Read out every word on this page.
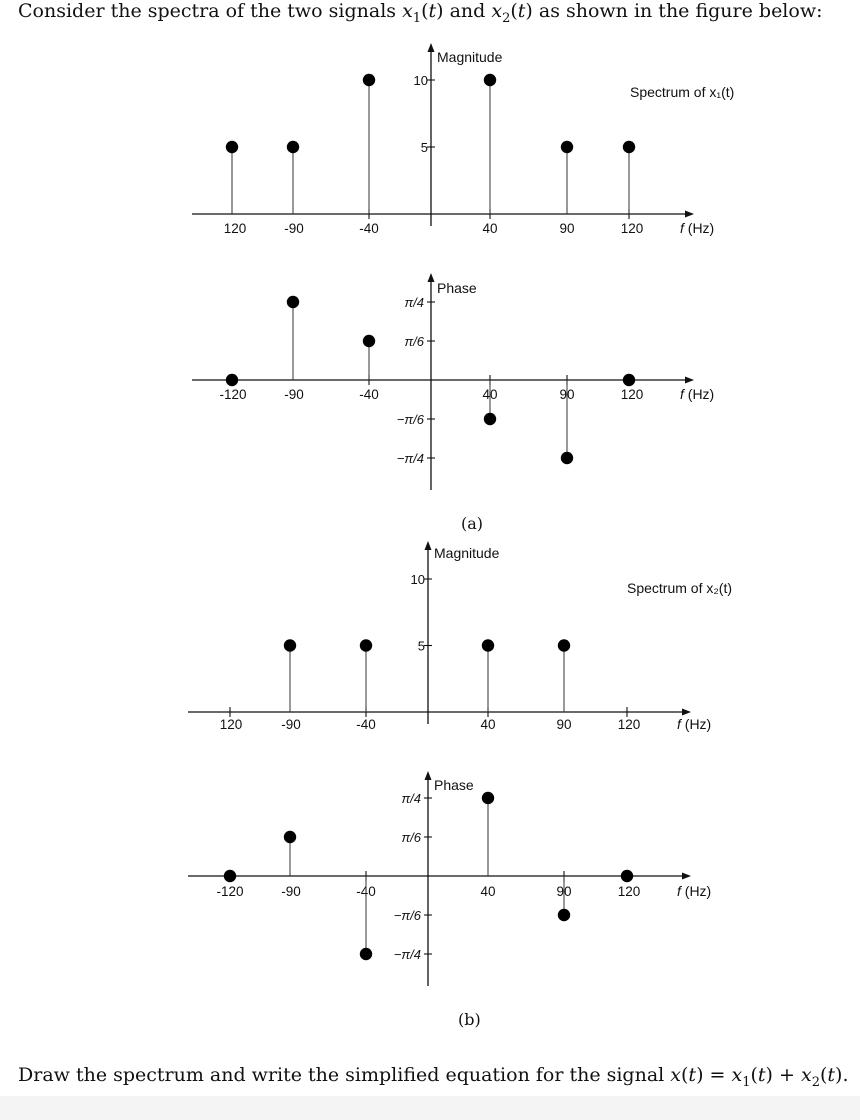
Consider the spectra of the two signals $x_1(t)$ and $x_2(t)$ as shown in the figure below:
Magnitude
f (Hz)
Spectrum of x₁(t)
10
5
120	-90	-40	40	90	120
Phase
f (Hz)
π/4
π/6
−π/6
−π/4
-120	-90	-40	40	90	120
Magnitude
f (Hz)
Spectrum of x₂(t)
10
5
120	-90	-40	40	90	120
Phase
f (Hz)
π/4
π/6
−π/6
−π/4
-120	-90	-40	40	90	120
(a)
(b)
Draw the spectrum and write the simplified equation for the signal $x(t) = x_1(t) + x_2(t)$.
